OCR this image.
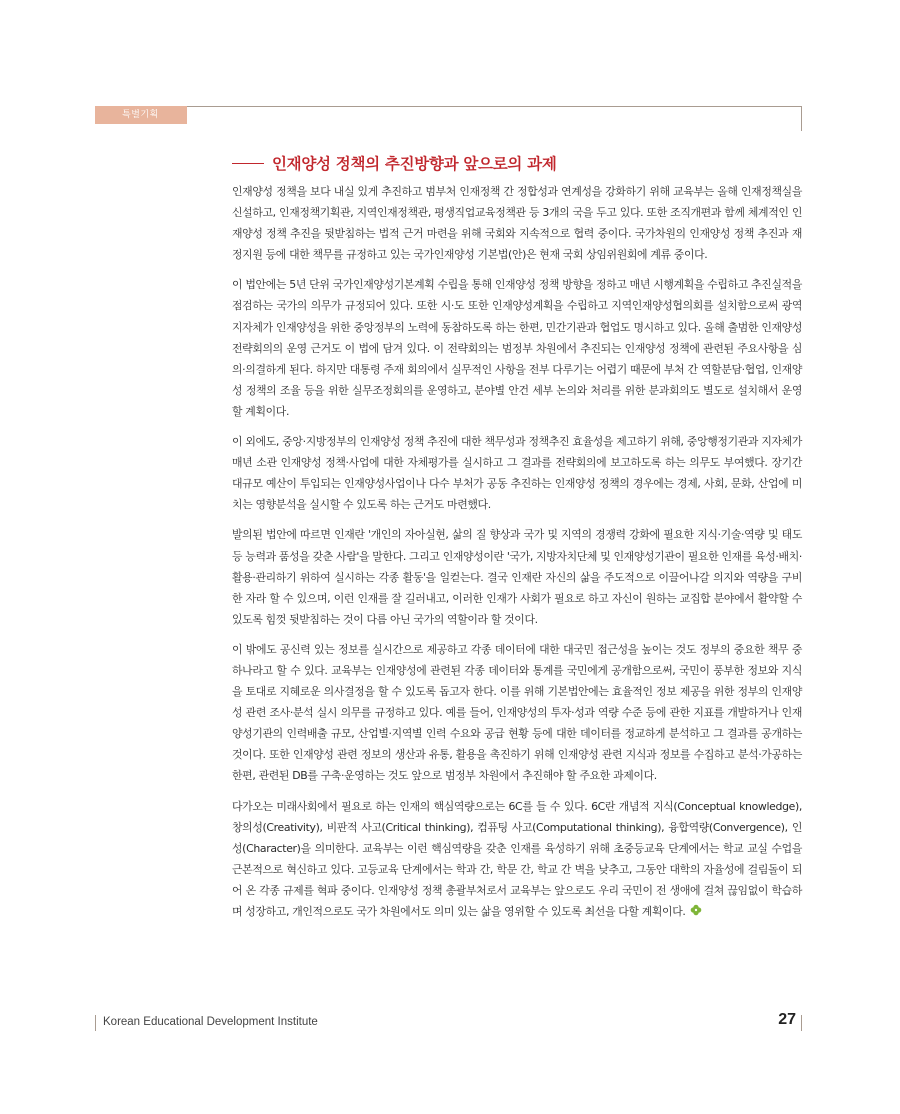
특별기획
인재양성 정책의 추진방향과 앞으로의 과제

인재양성 정책을 보다 내실 있게 추진하고 범부처 인재정책 간 정합성과 연계성을 강화하기 위해 교육부는 올해 인재정책실을 신설하고, 인재정책기획관, 지역인재정책관, 평생직업교육정책관 등 3개의 국을 두고 있다. 또한 조직개편과 함께 체계적인 인재양성 정책 추진을 뒷받침하는 법적 근거 마련을 위해 국회와 지속적으로 협력 중이다. 국가차원의 인재양성 정책 추진과 재정지원 등에 대한 책무를 규정하고 있는 국가인재양성 기본법(안)은 현재 국회 상임위원회에 계류 중이다.

이 법안에는 5년 단위 국가인재양성기본계획 수립을 통해 인재양성 정책 방향을 정하고 매년 시행계획을 수립하고 추진실적을 점검하는 국가의 의무가 규정되어 있다. 또한 시·도 또한 인재양성계획을 수립하고 지역인재양성협의회를 설치함으로써 광역지자체가 인재양성을 위한 중앙정부의 노력에 동참하도록 하는 한편, 민간기관과 협업도 명시하고 있다. 올해 출범한 인재양성전략회의의 운영 근거도 이 법에 담겨 있다. 이 전략회의는 범정부 차원에서 추진되는 인재양성 정책에 관련된 주요사항을 심의·의결하게 된다. 하지만 대통령 주재 회의에서 실무적인 사항을 전부 다루기는 어렵기 때문에 부처 간 역할분담·협업, 인재양성 정책의 조율 등을 위한 실무조정회의를 운영하고, 분야별 안건 세부 논의와 처리를 위한 분과회의도 별도로 설치해서 운영할 계획이다.

이 외에도, 중앙·지방정부의 인재양성 정책 추진에 대한 책무성과 정책추진 효율성을 제고하기 위해, 중앙행정기관과 지자체가 매년 소관 인재양성 정책·사업에 대한 자체평가를 실시하고 그 결과를 전략회의에 보고하도록 하는 의무도 부여했다. 장기간 대규모 예산이 투입되는 인재양성사업이나 다수 부처가 공동 추진하는 인재양성 정책의 경우에는 경제, 사회, 문화, 산업에 미치는 영향분석을 실시할 수 있도록 하는 근거도 마련했다.

발의된 법안에 따르면 인재란 '개인의 자아실현, 삶의 질 향상과 국가 및 지역의 경쟁력 강화에 필요한 지식·기술·역량 및 태도 등 능력과 품성을 갖춘 사람'을 말한다. 그리고 인재양성이란 '국가, 지방자치단체 및 인재양성기관이 필요한 인재를 육성·배치·활용·관리하기 위하여 실시하는 각종 활동'을 일컫는다. 결국 인재란 자신의 삶을 주도적으로 이끌어나갈 의지와 역량을 구비한 자라 할 수 있으며, 이런 인재를 잘 길러내고, 이러한 인재가 사회가 필요로 하고 자신이 원하는 교집합 분야에서 활약할 수 있도록 힘껏 뒷받침하는 것이 다름 아닌 국가의 역할이라 할 것이다.

이 밖에도 공신력 있는 정보를 실시간으로 제공하고 각종 데이터에 대한 대국민 접근성을 높이는 것도 정부의 중요한 책무 중 하나라고 할 수 있다. 교육부는 인재양성에 관련된 각종 데이터와 통계를 국민에게 공개함으로써, 국민이 풍부한 정보와 지식을 토대로 지혜로운 의사결정을 할 수 있도록 돕고자 한다. 이를 위해 기본법안에는 효율적인 정보 제공을 위한 정부의 인재양성 관련 조사·분석 실시 의무를 규정하고 있다. 예를 들어, 인재양성의 투자·성과 역량 수준 등에 관한 지표를 개발하거나 인재양성기관의 인력배출 규모, 산업별·지역별 인력 수요와 공급 현황 등에 대한 데이터를 정교하게 분석하고 그 결과를 공개하는 것이다. 또한 인재양성 관련 정보의 생산과 유통, 활용을 촉진하기 위해 인재양성 관련 지식과 정보를 수집하고 분석·가공하는 한편, 관련된 DB를 구축·운영하는 것도 앞으로 범정부 차원에서 추진해야 할 주요한 과제이다.

다가오는 미래사회에서 필요로 하는 인재의 핵심역량으로는 6C를 들 수 있다. 6C란 개념적 지식(Conceptual knowledge), 창의성(Creativity), 비판적 사고(Critical thinking), 컴퓨팅 사고(Computational thinking), 융합역량(Convergence), 인성(Character)을 의미한다. 교육부는 이런 핵심역량을 갖춘 인재를 육성하기 위해 초중등교육 단계에서는 학교 교실 수업을 근본적으로 혁신하고 있다. 고등교육 단계에서는 학과 간, 학문 간, 학교 간 벽을 낮추고, 그동안 대학의 자율성에 걸림돌이 되어 온 각종 규제를 혁파 중이다. 인재양성 정책 총괄부처로서 교육부는 앞으로도 우리 국민이 전 생애에 걸쳐 끊임없이 학습하며 성장하고, 개인적으로도 국가 차원에서도 의미 있는 삶을 영위할 수 있도록 최선을 다할 계획이다.

Korean Educational Development Institute	27
